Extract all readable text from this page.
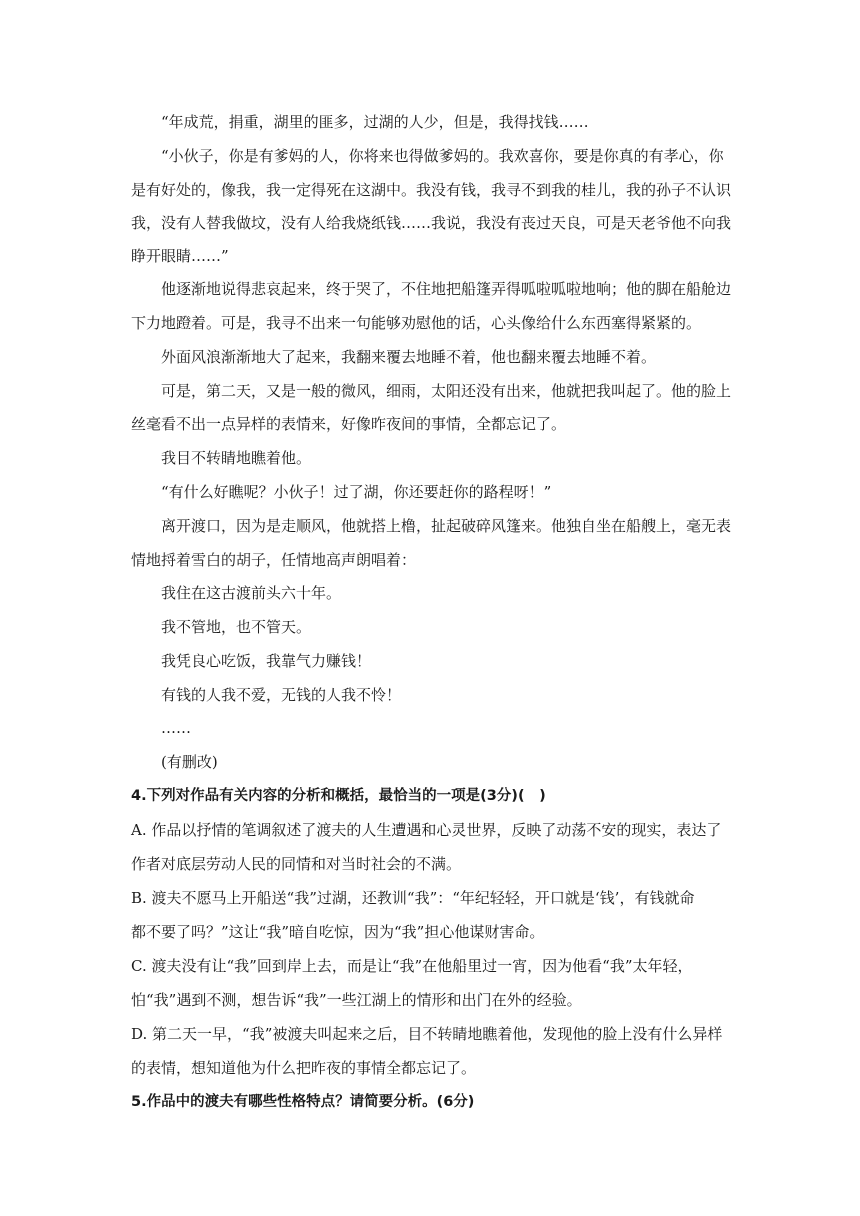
“年成荒，捐重，湖里的匪多，过湖的人少，但是，我得找钱……
“小伙子，你是有爹妈的人，你将来也得做爹妈的。我欢喜你，要是你真的有孝心，你
是有好处的，像我，我一定得死在这湖中。我没有钱，我寻不到我的桂儿，我的孙子不认识
我，没有人替我做坟，没有人给我烧纸钱……我说，我没有丧过天良，可是天老爷他不向我
睁开眼睛……”
他逐渐地说得悲哀起来，终于哭了，不住地把船篷弄得呱啦呱啦地响；他的脚在船舱边
下力地蹬着。可是，我寻不出来一句能够劝慰他的话，心头像给什么东西塞得紧紧的。
外面风浪渐渐地大了起来，我翻来覆去地睡不着，他也翻来覆去地睡不着。
可是，第二天，又是一般的微风，细雨，太阳还没有出来，他就把我叫起了。他的脸上
丝毫看不出一点异样的表情来，好像昨夜间的事情，全都忘记了。
我目不转睛地瞧着他。
“有什么好瞧呢？小伙子！过了湖，你还要赶你的路程呀！”
离开渡口，因为是走顺风，他就搭上橹，扯起破碎风篷来。他独自坐在船艘上，毫无表
情地捋着雪白的胡子，任情地高声朗唱着：
我住在这古渡前头六十年。
我不管地，也不管天。
我凭良心吃饭，我靠气力赚钱！
有钱的人我不爱，无钱的人我不怜！
……
(有删改)
4.下列对作品有关内容的分析和概括，最恰当的一项是(3分)(　)
A. 作品以抒情的笔调叙述了渡夫的人生遭遇和心灵世界，反映了动荡不安的现实，表达了
作者对底层劳动人民的同情和对当时社会的不满。
B. 渡夫不愿马上开船送“我”过湖，还教训“我”：“年纪轻轻，开口就是‘钱’，有钱就命
都不要了吗？”这让“我”暗自吃惊，因为“我”担心他谋财害命。
C. 渡夫没有让“我”回到岸上去，而是让“我”在他船里过一宵，因为他看“我”太年轻，
怕“我”遇到不测，想告诉“我”一些江湖上的情形和出门在外的经验。
D. 第二天一早，“我”被渡夫叫起来之后，目不转睛地瞧着他，发现他的脸上没有什么异样
的表情，想知道他为什么把昨夜的事情全都忘记了。
5.作品中的渡夫有哪些性格特点？请简要分析。(6分)
